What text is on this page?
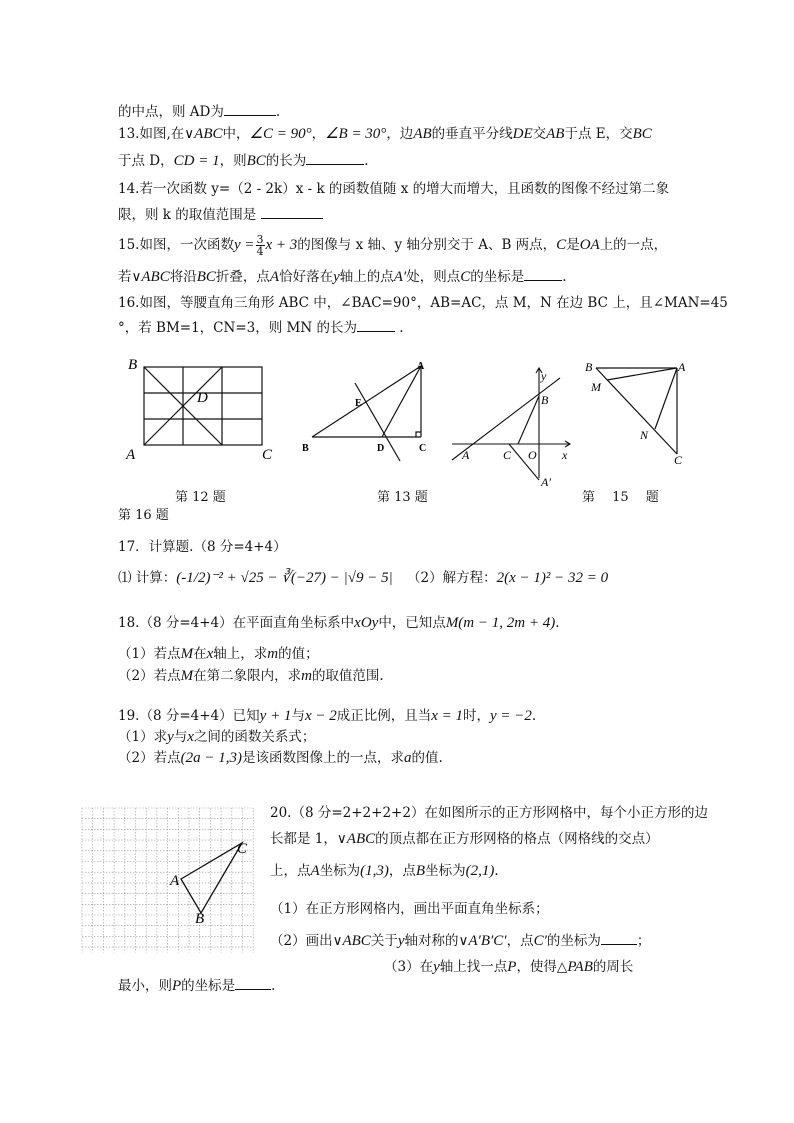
的中点，则 AD为	.
13.如图,在∨ABC中，∠C = 90°，∠B = 30°，边AB的垂直平分线DE交AB于点 E，交BC
于点 D，CD = 1，则BC的长为	.
14.若一次函数 y=（2 - 2k）x - k 的函数值随 x 的增大而增大，且函数的图像不经过第二象
限，则 k 的取值范围是
15.如图，一次函数$y = \frac{3}{4}$ x + 3的图像与 x 轴、y 轴分别交于 A、B 两点，C是OA上的一点，
若∨ABC将沿BC折叠，点A恰好落在y轴上的点A′处，则点C的坐标是	.
16.如图，等腰直角三角形 ABC 中，∠BAC=90°，AB=AC，点 M，N 在边 BC 上，且∠MAN=45
°，若 BM=1，CN=3，则 MN 的长为	.
B
D
A	C	B
A
E
D	C
y
B
A	C O x
A′
B	A
M
N
C
第 12 题	第 13 题	第　 15　 题
第 16 题
17．计算题.（8 分=4+4）
⑴ 计算：(-1/2)⁻² + √25 − ∛(−27) − |√9 − 5| （2）解方程：2(x − 1)² − 32 = 0
18.（8 分=4+4）在平面直角坐标系中xOy中，已知点M(m − 1, 2m + 4).
（1）若点M在x轴上，求m的值；
（2）若点M在第二象限内，求m的取值范围.
19.（8 分=4+4）已知y + 1与x − 2成正比例，且当x = 1时，y = −2.
（1）求y与x之间的函数关系式；
（2）若点(2a − 1,3)是该函数图像上的一点，求a的值.
A
B
C
20.（8 分=2+2+2+2）在如图所示的正方形网格中，每个小正方形的边
长都是 1，∨ABC的顶点都在正方形网格的格点（网格线的交点）
上，点A坐标为(1,3)，点B坐标为(2,1).
（1）在正方形网格内，画出平面直角坐标系；
（2）画出∨ABC关于y轴对称的∨A′B′C′，点C′的坐标为	；
（3）在y轴上找一点P，使得△PAB的周长
最小，则P的坐标是	.
